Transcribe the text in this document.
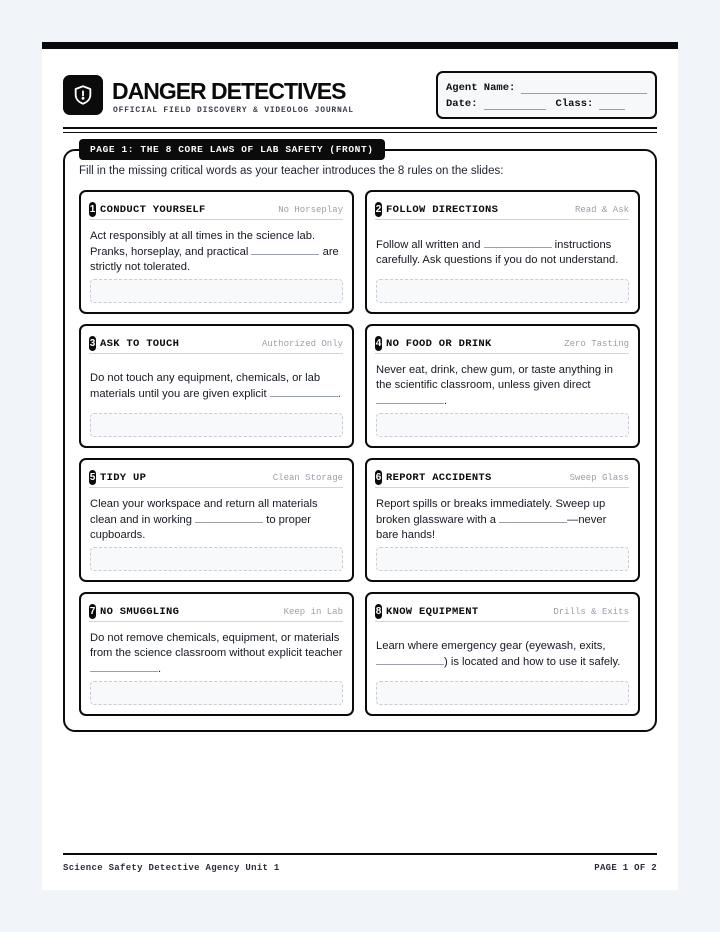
DANGER DETECTIVES
OFFICIAL FIELD DISCOVERY & VIDEOLOG JOURNAL
Agent Name:
Date:	Class:
PAGE 1: THE 8 CORE LAWS OF LAB SAFETY (FRONT)
Fill in the missing critical words as your teacher introduces the 8 rules on the slides:
1 CONDUCT YOURSELF	No Horseplay
Act responsibly at all times in the science lab. Pranks, horseplay, and practical	are strictly not tolerated.
2 FOLLOW DIRECTIONS	Read & Ask
Follow all written and	instructions carefully. Ask questions if you do not understand.
3 ASK TO TOUCH	Authorized Only
Do not touch any equipment, chemicals, or lab materials until you are given explicit	.
4 NO FOOD OR DRINK	Zero Tasting
Never eat, drink, chew gum, or taste anything in the scientific classroom, unless given direct .
5 TIDY UP	Clean Storage
Clean your workspace and return all materials clean and in working	to proper cupboards.
6 REPORT ACCIDENTS	Sweep Glass
Report spills or breaks immediately. Sweep up broken glassware with a	—never bare hands!
7 NO SMUGGLING	Keep in Lab
Do not remove chemicals, equipment, or materials from the science classroom without explicit teacher .
8 KNOW EQUIPMENT	Drills & Exits
Learn where emergency gear (eyewash, exits, ) is located and how to use it safely.
Science Safety Detective Agency Unit 1	PAGE 1 OF 2
